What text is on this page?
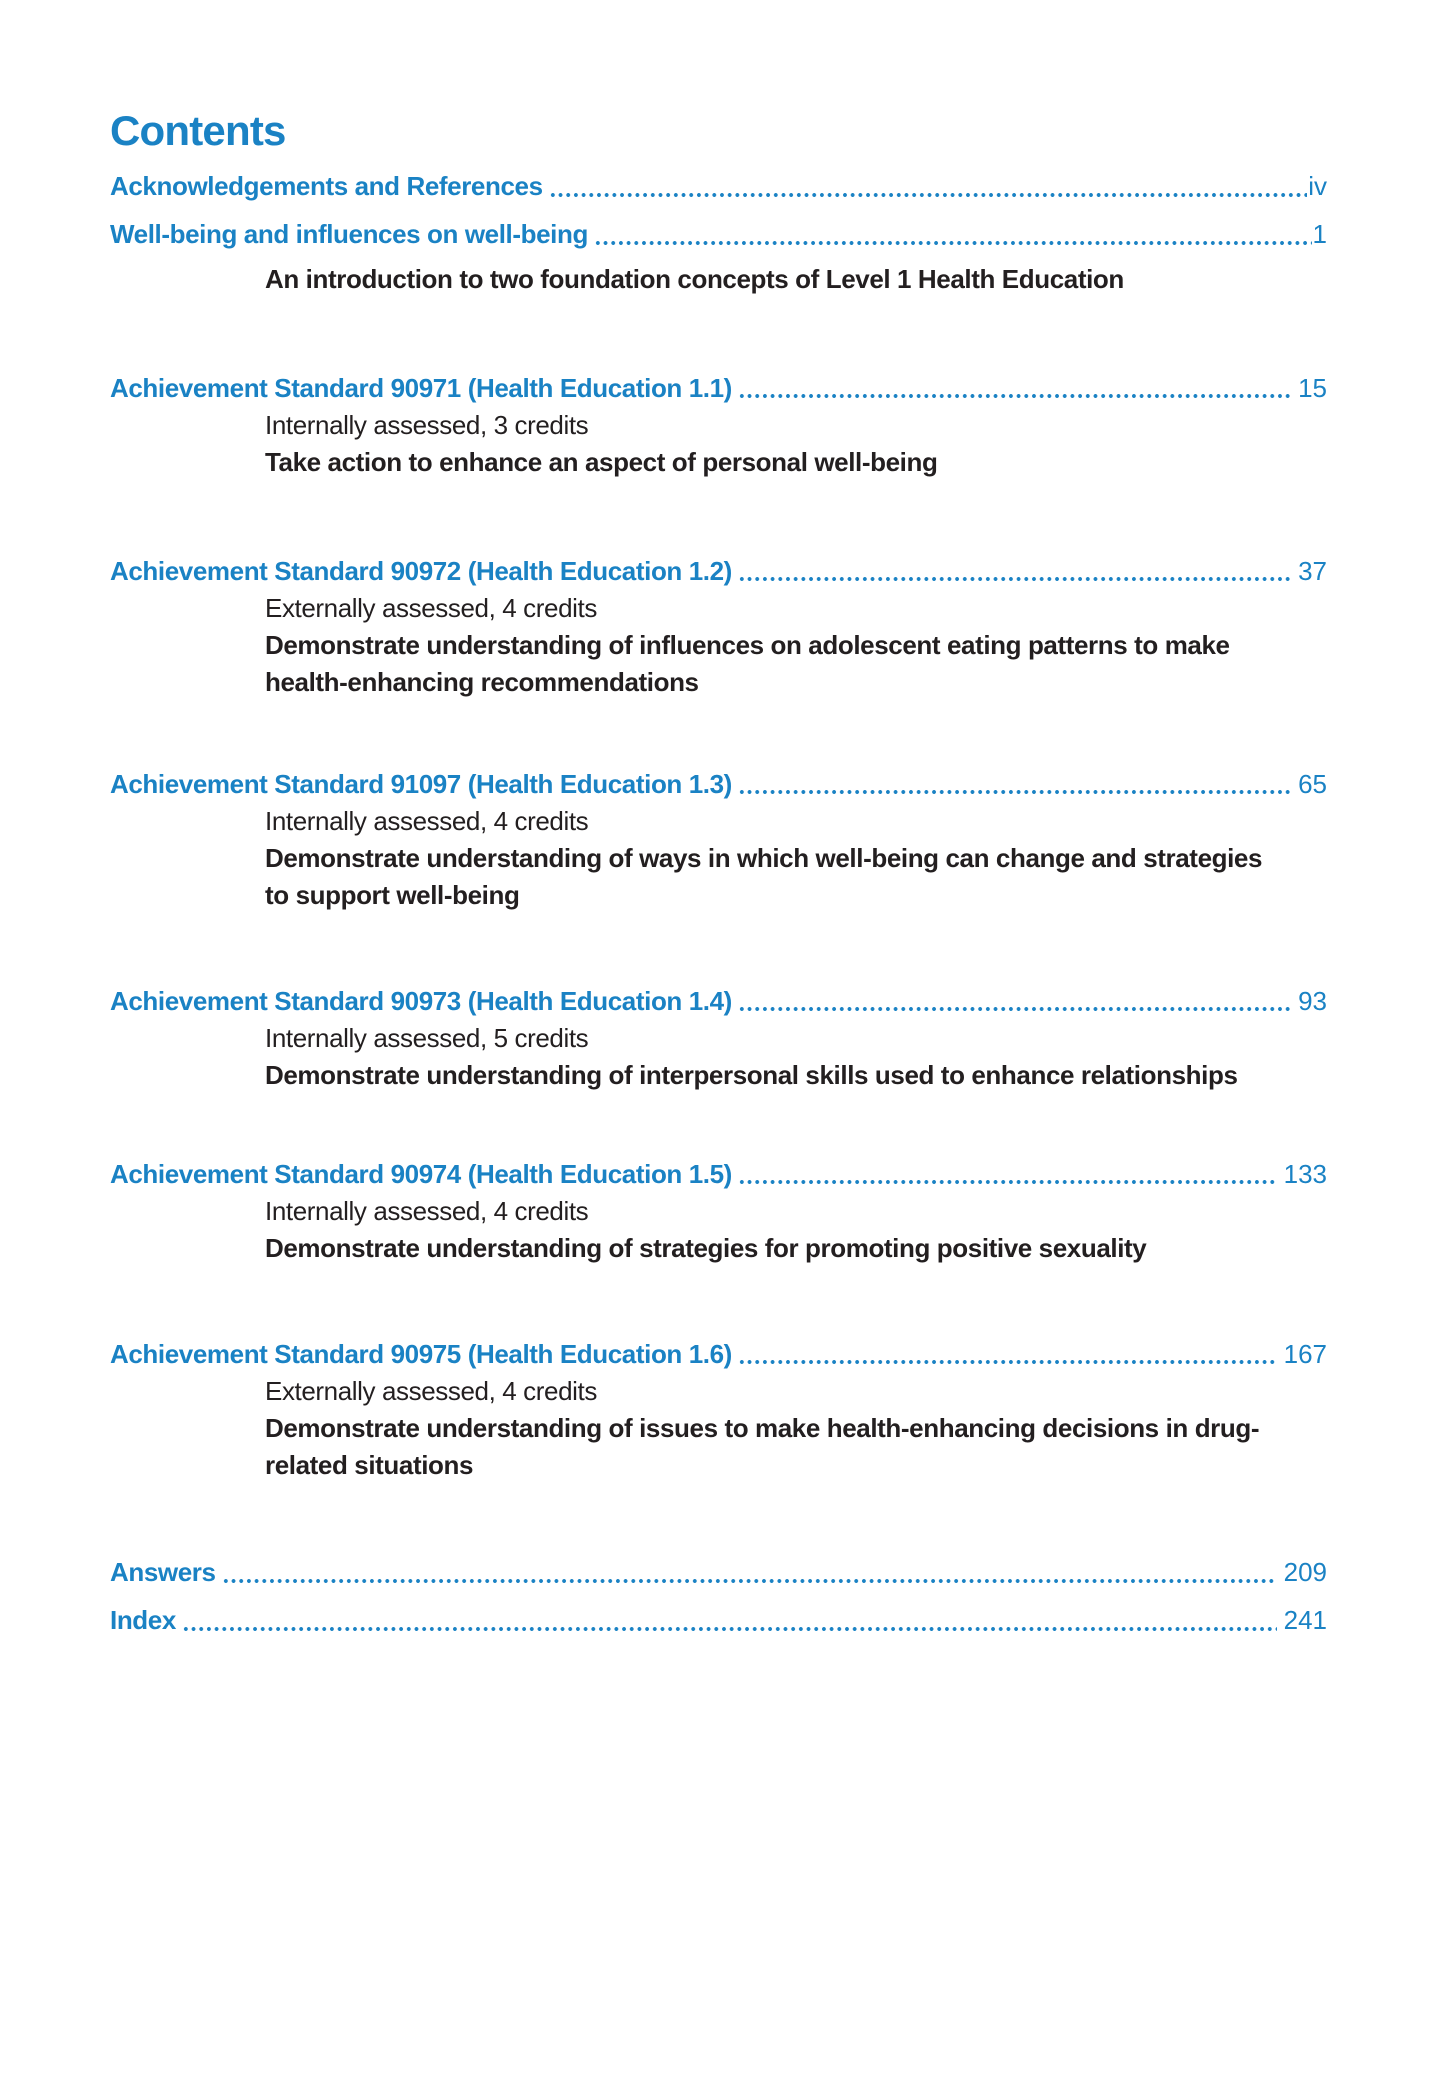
Contents
Acknowledgements and References	iv
Well-being and influences on well-being	1
An introduction to two foundation concepts of Level 1 Health Education
Achievement Standard 90971 (Health Education 1.1)	15
Internally assessed, 3 credits
Take action to enhance an aspect of personal well-being
Achievement Standard 90972 (Health Education 1.2)	37
Externally assessed, 4 credits
Demonstrate understanding of influences on adolescent eating patterns to make
health-enhancing recommendations
Achievement Standard 91097 (Health Education 1.3)	65
Internally assessed, 4 credits
Demonstrate understanding of ways in which well-being can change and strategies
to support well-being
Achievement Standard 90973 (Health Education 1.4)	93
Internally assessed, 5 credits
Demonstrate understanding of interpersonal skills used to enhance relationships
Achievement Standard 90974 (Health Education 1.5)	133
Internally assessed, 4 credits
Demonstrate understanding of strategies for promoting positive sexuality
Achievement Standard 90975 (Health Education 1.6)	167
Externally assessed, 4 credits
Demonstrate understanding of issues to make health-enhancing decisions in drug-
related situations
Answers	209
Index	241
